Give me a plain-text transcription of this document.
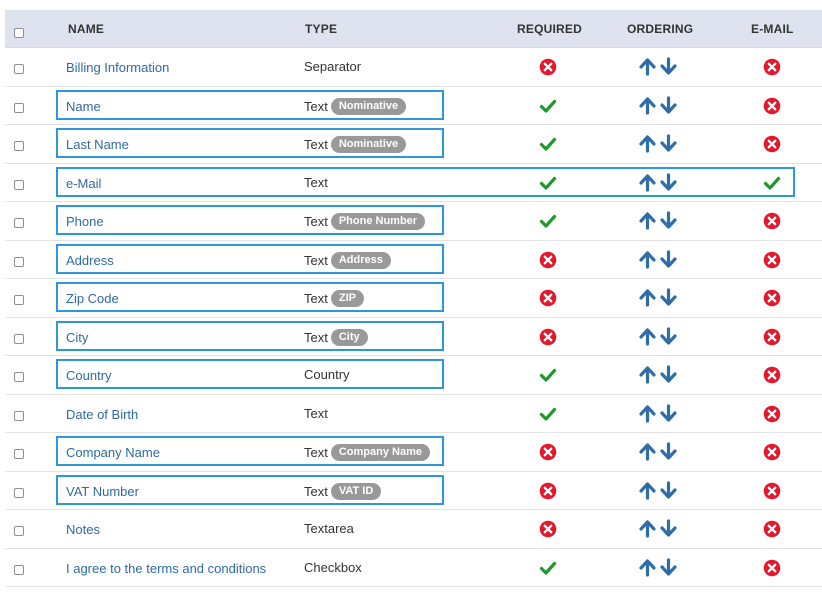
NAME	TYPE	REQUIRED	ORDERING	E-MAIL
Billing Information	Separator
Name	Text	Nominative
Last Name	Text	Nominative
e-Mail	Text
Phone	Text	Phone Number
Address	Text	Address
Zip Code	Text	ZIP
City	Text	City
Country	Country
Date of Birth	Text
Company Name	Text	Company Name
VAT Number	Text	VAT ID
Notes	Textarea
I agree to the terms and conditions	Checkbox
